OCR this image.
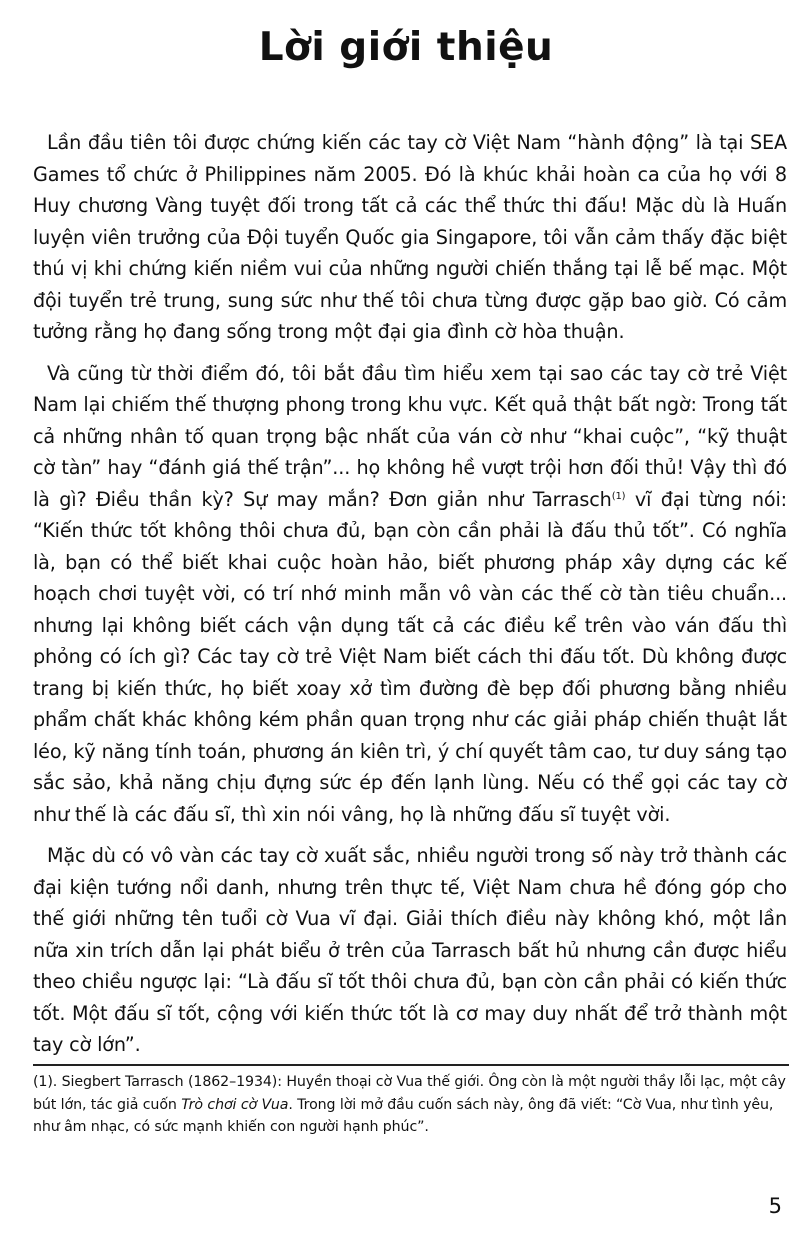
Lời giới thiệu

Lần đầu tiên tôi được chứng kiến các tay cờ Việt Nam “hành động” là tại SEA Games tổ chức ở Philippines năm 2005. Đó là khúc khải hoàn ca của họ với 8 Huy chương Vàng tuyệt đối trong tất cả các thể thức thi đấu! Mặc dù là Huấn luyện viên trưởng của Đội tuyển Quốc gia Singapore, tôi vẫn cảm thấy đặc biệt thú vị khi chứng kiến niềm vui của những người chiến thắng tại lễ bế mạc. Một đội tuyển trẻ trung, sung sức như thế tôi chưa từng được gặp bao giờ. Có cảm tưởng rằng họ đang sống trong một đại gia đình cờ hòa thuận.

Và cũng từ thời điểm đó, tôi bắt đầu tìm hiểu xem tại sao các tay cờ trẻ Việt Nam lại chiếm thế thượng phong trong khu vực. Kết quả thật bất ngờ: Trong tất cả những nhân tố quan trọng bậc nhất của ván cờ như “khai cuộc”, “kỹ thuật cờ tàn” hay “đánh giá thế trận”... họ không hề vượt trội hơn đối thủ! Vậy thì đó là gì? Điều thần kỳ? Sự may mắn? Đơn giản như Tarrasch$^{(1)}$ vĩ đại từng nói: “Kiến thức tốt không thôi chưa đủ, bạn còn cần phải là đấu thủ tốt”. Có nghĩa là, bạn có thể biết khai cuộc hoàn hảo, biết phương pháp xây dựng các kế hoạch chơi tuyệt vời, có trí nhớ minh mẫn vô vàn các thế cờ tàn tiêu chuẩn... nhưng lại không biết cách vận dụng tất cả các điều kể trên vào ván đấu thì phỏng có ích gì? Các tay cờ trẻ Việt Nam biết cách thi đấu tốt. Dù không được trang bị kiến thức, họ biết xoay xở tìm đường đè bẹp đối phương bằng nhiều phẩm chất khác không kém phần quan trọng như các giải pháp chiến thuật lắt léo, kỹ năng tính toán, phương án kiên trì, ý chí quyết tâm cao, tư duy sáng tạo sắc sảo, khả năng chịu đựng sức ép đến lạnh lùng. Nếu có thể gọi các tay cờ như thế là các đấu sĩ, thì xin nói vâng, họ là những đấu sĩ tuyệt vời.

Mặc dù có vô vàn các tay cờ xuất sắc, nhiều người trong số này trở thành các đại kiện tướng nổi danh, nhưng trên thực tế, Việt Nam chưa hề đóng góp cho thế giới những tên tuổi cờ Vua vĩ đại. Giải thích điều này không khó, một lần nữa xin trích dẫn lại phát biểu ở trên của Tarrasch bất hủ nhưng cần được hiểu theo chiều ngược lại: “Là đấu sĩ tốt thôi chưa đủ, bạn còn cần phải có kiến thức tốt. Một đấu sĩ tốt, cộng với kiến thức tốt là cơ may duy nhất để trở thành một tay cờ lớn”.

(1). Siegbert Tarrasch (1862–1934): Huyền thoại cờ Vua thế giới. Ông còn là một người thầy lỗi lạc, một cây bút lớn, tác giả cuốn Trò chơi cờ Vua. Trong lời mở đầu cuốn sách này, ông đã viết: “Cờ Vua, như tình yêu, như âm nhạc, có sức mạnh khiến con người hạnh phúc”.

5
